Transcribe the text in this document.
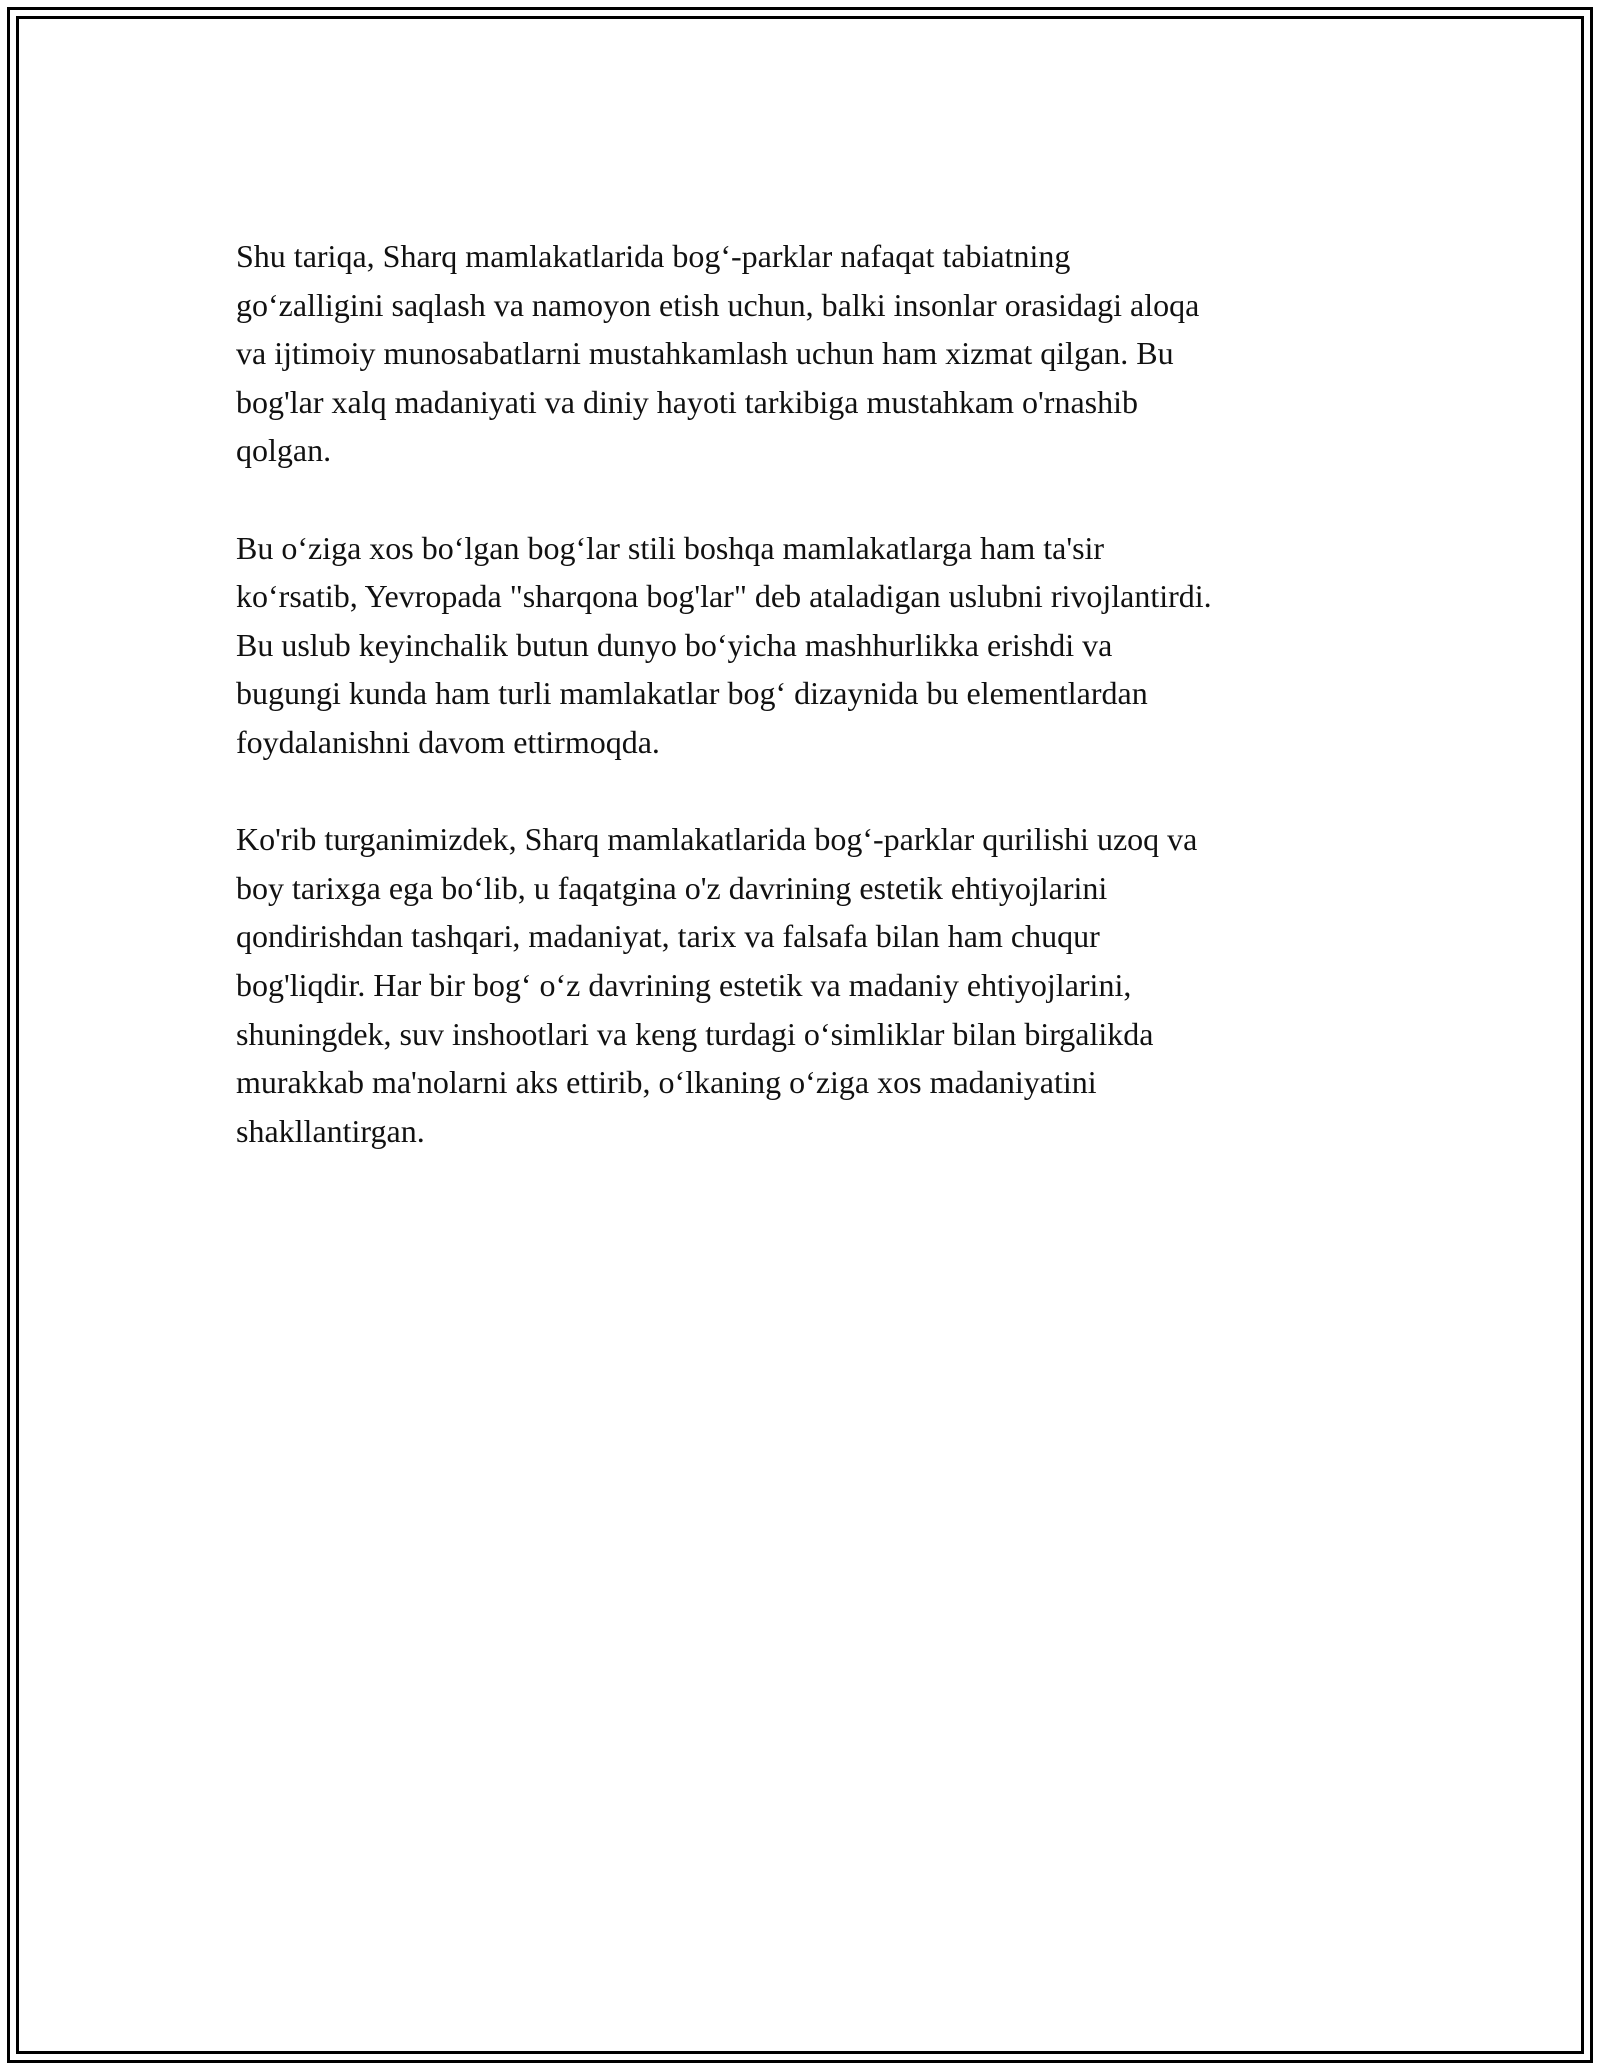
Shu tariqa, Sharq mamlakatlarida bog‘-parklar nafaqat tabiatning
go‘zalligini saqlash va namoyon etish uchun, balki insonlar orasidagi aloqa
va ijtimoiy munosabatlarni mustahkamlash uchun ham xizmat qilgan. Bu
bog'lar xalq madaniyati va diniy hayoti tarkibiga mustahkam o'rnashib
qolgan.

Bu o‘ziga xos bo‘lgan bog‘lar stili boshqa mamlakatlarga ham ta'sir
ko‘rsatib, Yevropada "sharqona bog'lar" deb ataladigan uslubni rivojlantirdi.
Bu uslub keyinchalik butun dunyo bo‘yicha mashhurlikka erishdi va
bugungi kunda ham turli mamlakatlar bog‘ dizaynida bu elementlardan
foydalanishni davom ettirmoqda.

Ko'rib turganimizdek, Sharq mamlakatlarida bog‘-parklar qurilishi uzoq va
boy tarixga ega bo‘lib, u faqatgina o'z davrining estetik ehtiyojlarini
qondirishdan tashqari, madaniyat, tarix va falsafa bilan ham chuqur
bog'liqdir. Har bir bog‘ o‘z davrining estetik va madaniy ehtiyojlarini,
shuningdek, suv inshootlari va keng turdagi o‘simliklar bilan birgalikda
murakkab ma'nolarni aks ettirib, o‘lkaning o‘ziga xos madaniyatini
shakllantirgan.
